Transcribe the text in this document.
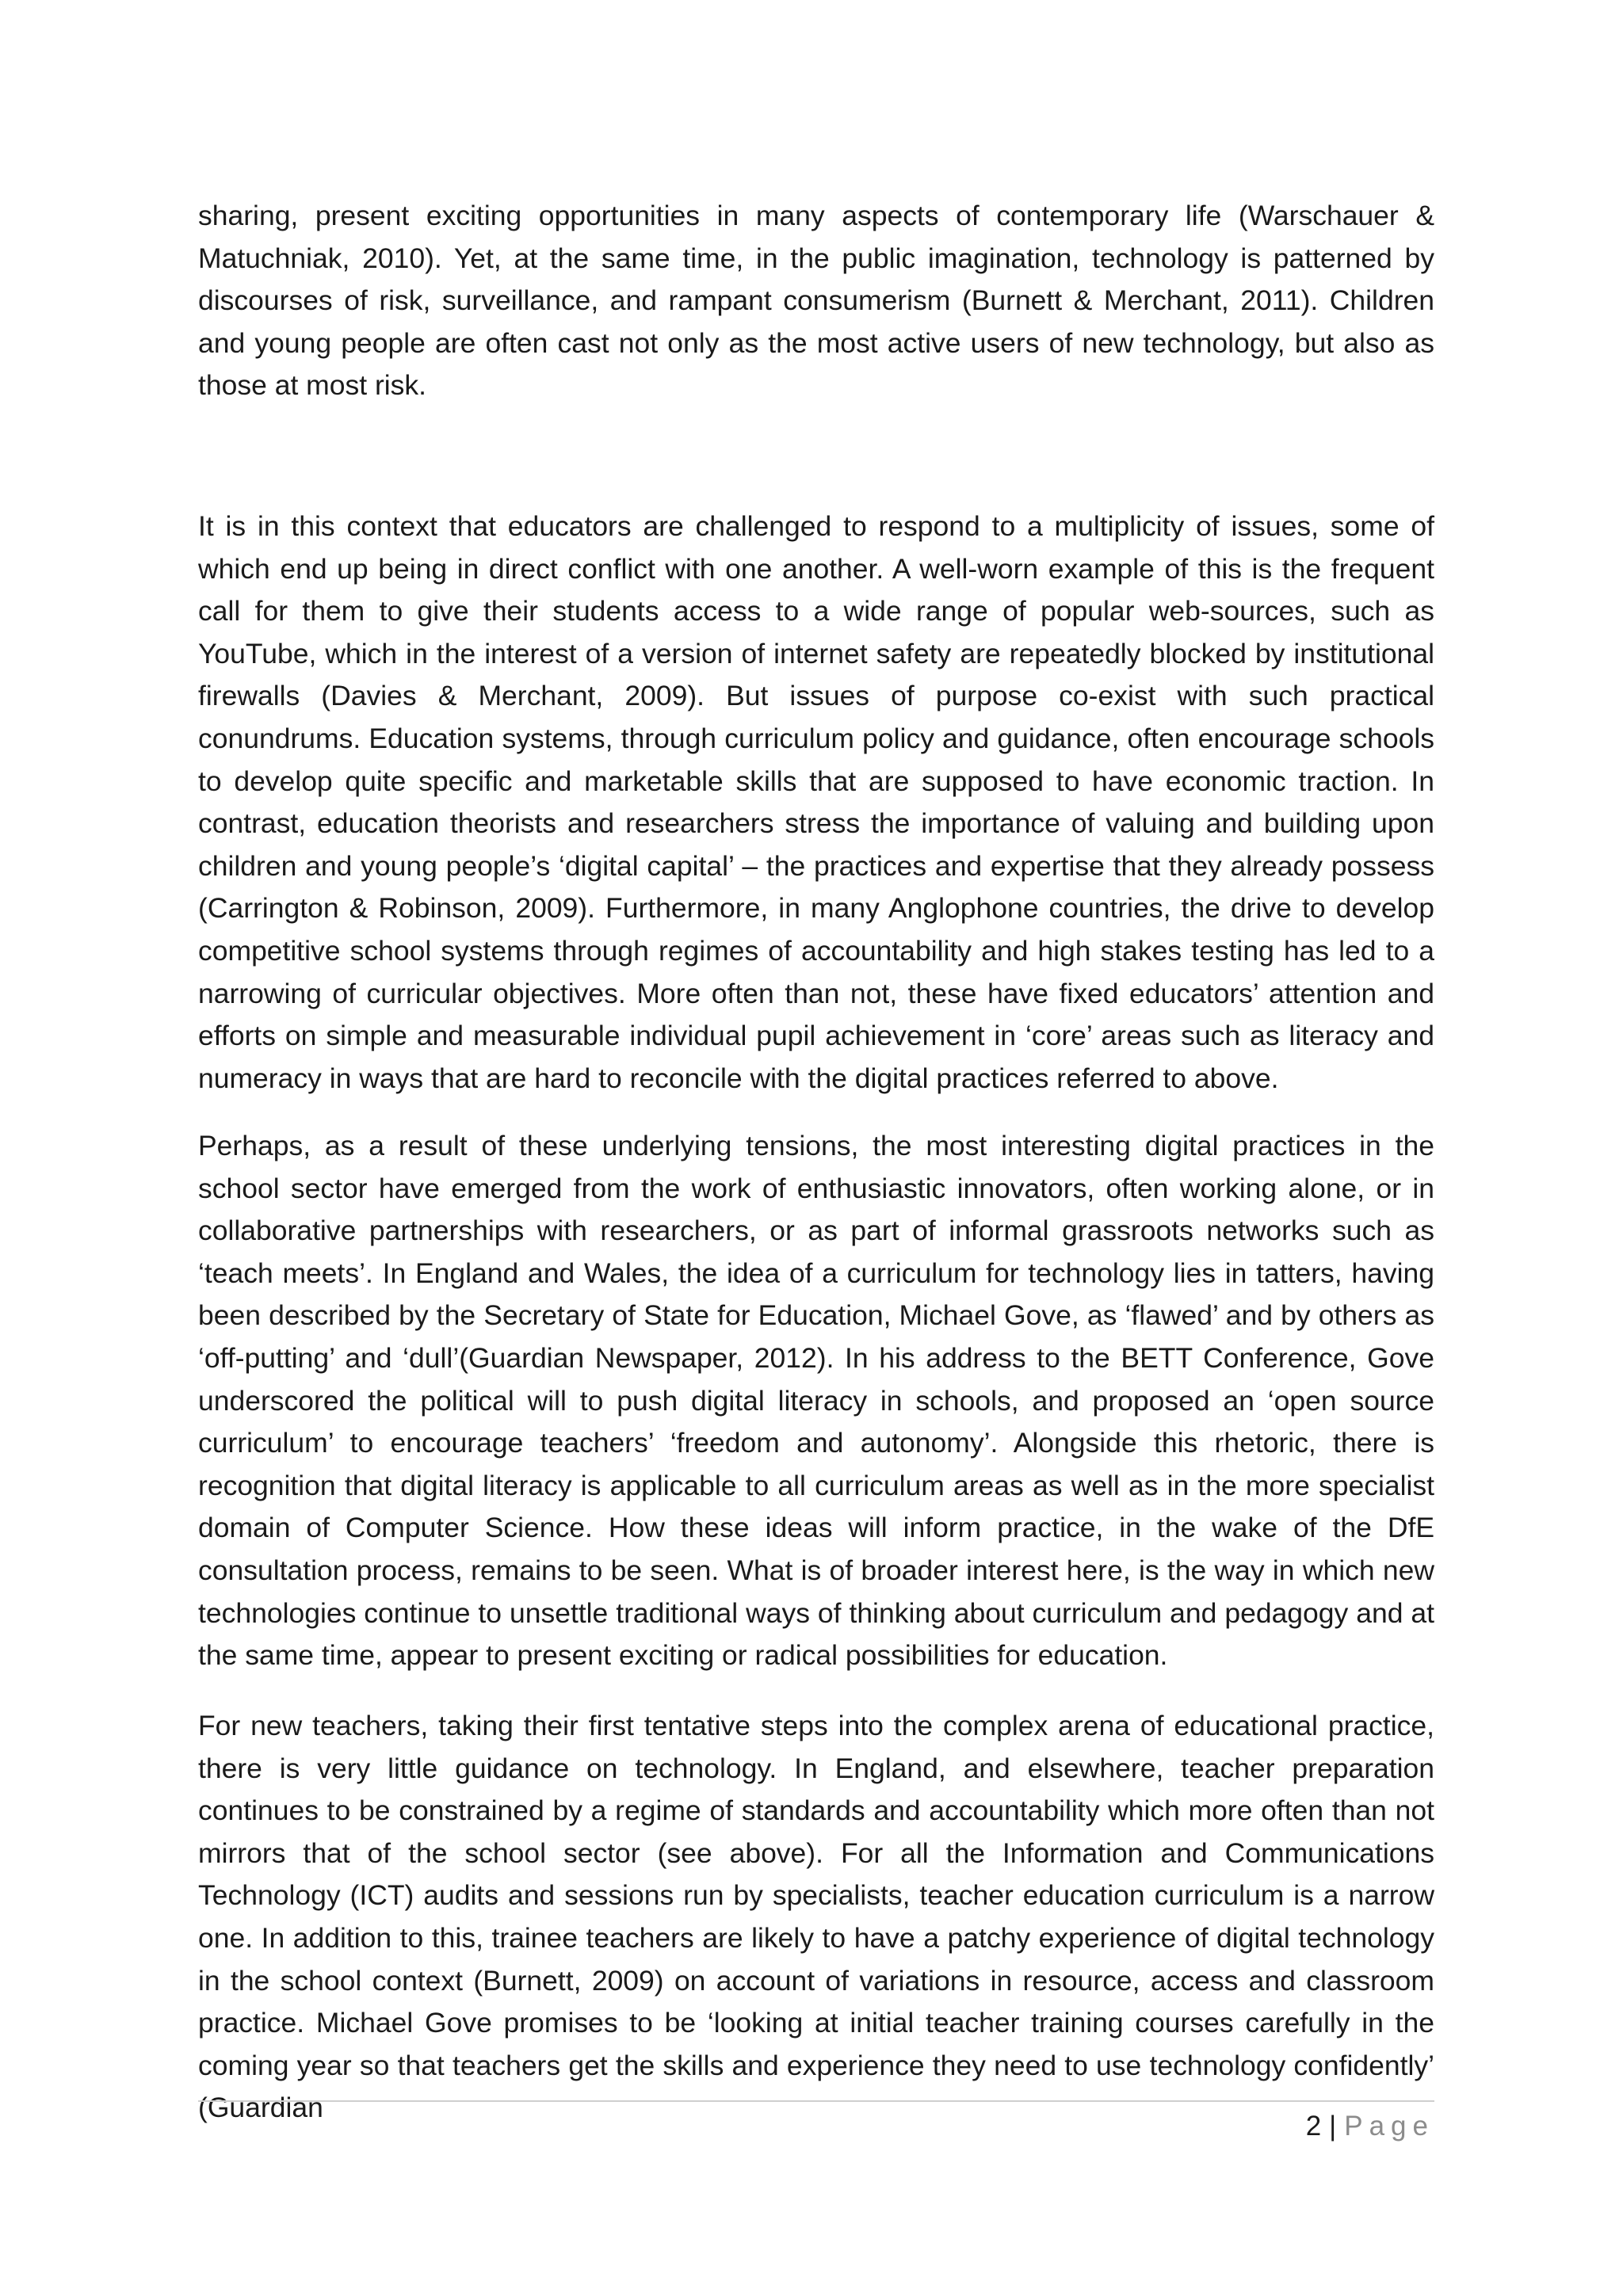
sharing, present exciting opportunities in many aspects of contemporary life (Warschauer & Matuchniak, 2010). Yet, at the same time, in the public imagination, technology is patterned by discourses of risk, surveillance, and rampant consumerism (Burnett & Merchant, 2011). Children and young people are often cast not only as the most active users of new technology, but also as those at most risk.

It is in this context that educators are challenged to respond to a multiplicity of issues, some of which end up being in direct conflict with one another. A well-worn example of this is the frequent call for them to give their students access to a wide range of popular web-sources, such as YouTube, which in the interest of a version of internet safety are repeatedly blocked by institutional firewalls (Davies & Merchant, 2009). But issues of purpose co-exist with such practical conundrums. Education systems, through curriculum policy and guidance, often encourage schools to develop quite specific and marketable skills that are supposed to have economic traction. In contrast, education theorists and researchers stress the importance of valuing and building upon children and young people’s ‘digital capital’ – the practices and expertise that they already possess (Carrington & Robinson, 2009). Furthermore, in many Anglophone countries, the drive to develop competitive school systems through regimes of accountability and high stakes testing has led to a narrowing of curricular objectives. More often than not, these have fixed educators’ attention and efforts on simple and measurable individual pupil achievement in ‘core’ areas such as literacy and numeracy in ways that are hard to reconcile with the digital practices referred to above.

Perhaps, as a result of these underlying tensions, the most interesting digital practices in the school sector have emerged from the work of enthusiastic innovators, often working alone, or in collaborative partnerships with researchers, or as part of informal grassroots networks such as ‘teach meets’. In England and Wales, the idea of a curriculum for technology lies in tatters, having been described by the Secretary of State for Education, Michael Gove, as ‘flawed’ and by others as ‘off-putting’ and ‘dull’(Guardian Newspaper, 2012). In his address to the BETT Conference, Gove underscored the political will to push digital literacy in schools, and proposed an ‘open source curriculum’ to encourage teachers’ ‘freedom and autonomy’. Alongside this rhetoric, there is recognition that digital literacy is applicable to all curriculum areas as well as in the more specialist domain of Computer Science. How these ideas will inform practice, in the wake of the DfE consultation process, remains to be seen. What is of broader interest here, is the way in which new technologies continue to unsettle traditional ways of thinking about curriculum and pedagogy and at the same time, appear to present exciting or radical possibilities for education.

For new teachers, taking their first tentative steps into the complex arena of educational practice, there is very little guidance on technology. In England, and elsewhere, teacher preparation continues to be constrained by a regime of standards and accountability which more often than not mirrors that of the school sector (see above). For all the Information and Communications Technology (ICT) audits and sessions run by specialists, teacher education curriculum is a narrow one. In addition to this, trainee teachers are likely to have a patchy experience of digital technology in the school context (Burnett, 2009) on account of variations in resource, access and classroom practice. Michael Gove promises to be ‘looking at initial teacher training courses carefully in the coming year so that teachers get the skills and experience they need to use technology confidently’ (Guardian

2 | Page
